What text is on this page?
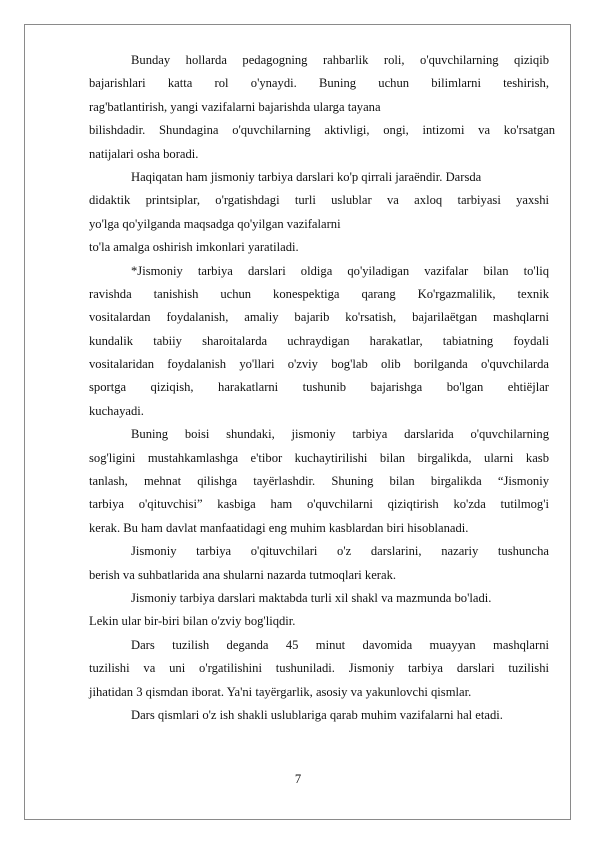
Bunday hollarda pedagogning rahbarlik roli, o'quvchilarning qiziqib
bajarishlari katta rol o'ynaydi. Buning uchun bilimlarni teshirish,
rag'batlantirish, yangi vazifalarni bajarishda ularga tayana
bilishdadir. Shundagina o'quvchilarning aktivligi, ongi, intizomi va ko'rsatgan
natijalari osha boradi.
Haqiqatan ham jismoniy tarbiya darslari ko'p qirrali jaraёndir. Darsda
didaktik printsiplar, o'rgatishdagi turli uslublar va axloq tarbiyasi yaxshi
yo'lga qo'yilganda maqsadga qo'yilgan vazifalarni
to'la amalga oshirish imkonlari yaratiladi.
*Jismoniy tarbiya darslari oldiga qo'yiladigan vazifalar bilan to'liq
ravishda tanishish uchun konespektiga qarang Ko'rgazmalilik, texnik
vositalardan foydalanish, amaliy bajarib ko'rsatish, bajarilaёtgan mashqlarni
kundalik tabiiy sharoitalarda uchraydigan harakatlar, tabiatning foydali
vositalaridan foydalanish yo'llari o'zviy bog'lab olib borilganda o'quvchilarda
sportga qiziqish, harakatlarni tushunib bajarishga bo'lgan ehtiёjlar
kuchayadi.
Buning boisi shundaki, jismoniy tarbiya darslarida o'quvchilarning
sog'ligini mustahkamlashga e'tibor kuchaytirilishi bilan birgalikda, ularni kasb
tanlash, mehnat qilishga tayёrlashdir. Shuning bilan birgalikda “Jismoniy
tarbiya o'qituvchisi” kasbiga ham o'quvchilarni qiziqtirish ko'zda tutilmog'i
kerak. Bu ham davlat manfaatidagi eng muhim kasblardan biri hisoblanadi.
Jismoniy tarbiya o'qituvchilari o'z darslarini, nazariy tushuncha
berish va suhbatlarida ana shularni nazarda tutmoqlari kerak.
Jismoniy tarbiya darslari maktabda turli xil shakl va mazmunda bo'ladi.
Lekin ular bir-biri bilan o'zviy bog'liqdir.
Dars tuzilish deganda 45 minut davomida muayyan mashqlarni
tuzilishi va uni o'rgatilishini tushuniladi. Jismoniy tarbiya darslari tuzilishi
jihatidan 3 qismdan iborat. Ya'ni tayёrgarlik, asosiy va yakunlovchi qismlar.
Dars qismlari o'z ish shakli uslublariga qarab muhim vazifalarni hal etadi.
7
